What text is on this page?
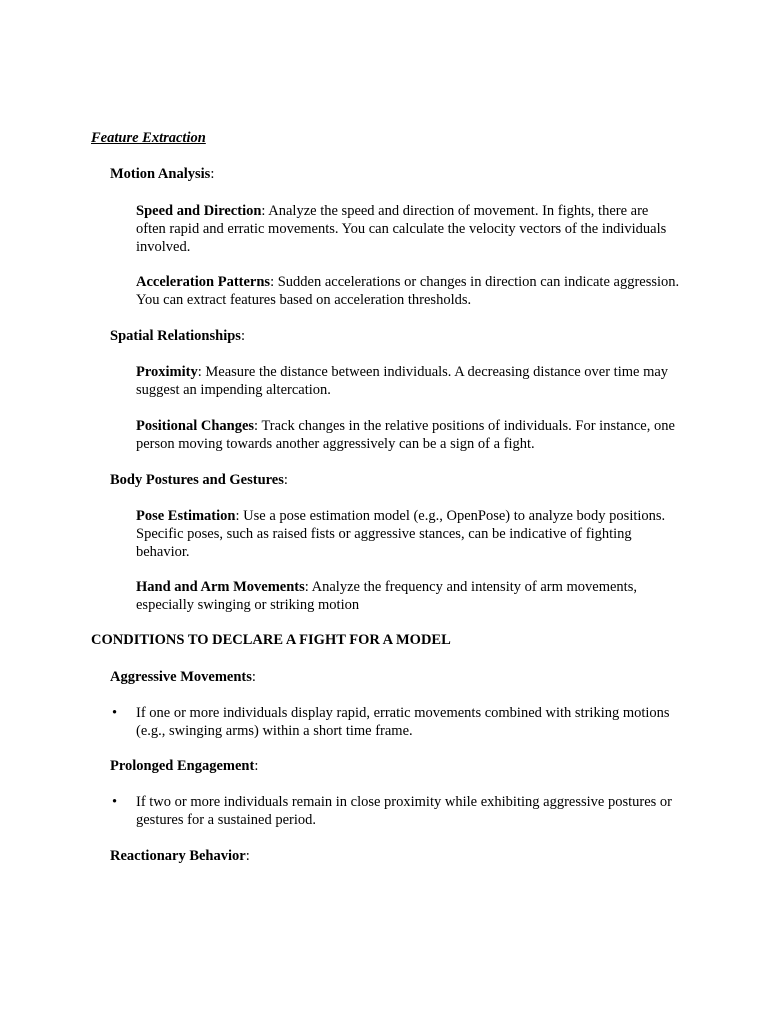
Feature Extraction
Motion Analysis:

Speed and Direction: Analyze the speed and direction of movement. In fights, there are often rapid and erratic movements. You can calculate the velocity vectors of the individuals involved.

Acceleration Patterns: Sudden accelerations or changes in direction can indicate aggression. You can extract features based on acceleration thresholds.

Spatial Relationships:

Proximity: Measure the distance between individuals. A decreasing distance over time may suggest an impending altercation.

Positional Changes: Track changes in the relative positions of individuals. For instance, one person moving towards another aggressively can be a sign of a fight.

Body Postures and Gestures:

Pose Estimation: Use a pose estimation model (e.g., OpenPose) to analyze body positions. Specific poses, such as raised fists or aggressive stances, can be indicative of fighting behavior.

Hand and Arm Movements: Analyze the frequency and intensity of arm movements, especially swinging or striking motion

CONDITIONS TO DECLARE A FIGHT FOR A MODEL
Aggressive Movements:
• If one or more individuals display rapid, erratic movements combined with striking motions (e.g., swinging arms) within a short time frame.
Prolonged Engagement:
• If two or more individuals remain in close proximity while exhibiting aggressive postures or gestures for a sustained period.
Reactionary Behavior:
